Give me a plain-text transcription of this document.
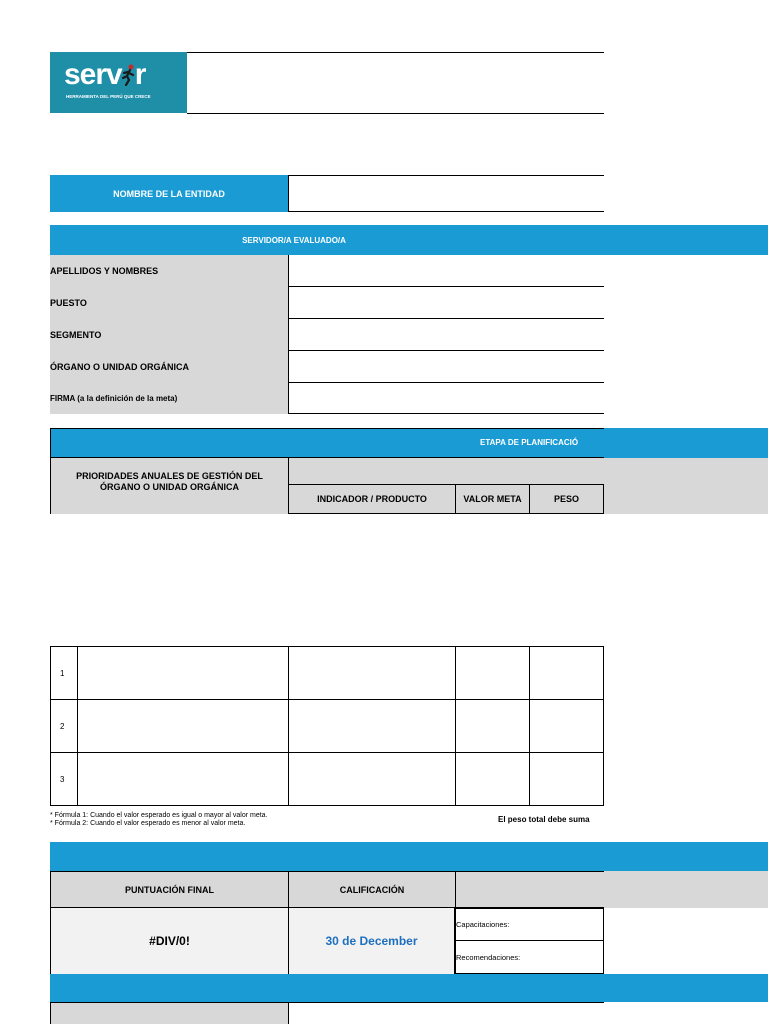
serv r
HERRAMIENTA DEL PERÚ QUE CRECE
NOMBRE DE LA ENTIDAD
SERVIDOR/A EVALUADO/A
APELLIDOS Y NOMBRES
PUESTO
SEGMENTO
ÓRGANO O UNIDAD ORGÁNICA
FIRMA (a la definición de la meta)
ETAPA DE PLANIFICACIÓ
PRIORIDADES ANUALES DE GESTIÓN DEL ÓRGANO O UNIDAD ORGÁNICA
INDICADOR / PRODUCTO	VALOR META	PESO
1
2
3
* Fórmula 1: Cuando el valor esperado es igual o mayor al valor meta.
* Fórmula 2: Cuando el valor esperado es menor al valor meta.	El peso total debe suma
PUNTUACIÓN FINAL	CALIFICACIÓN
#DIV/0!	30 de December
Capacitaciones:
Recomendaciones:
